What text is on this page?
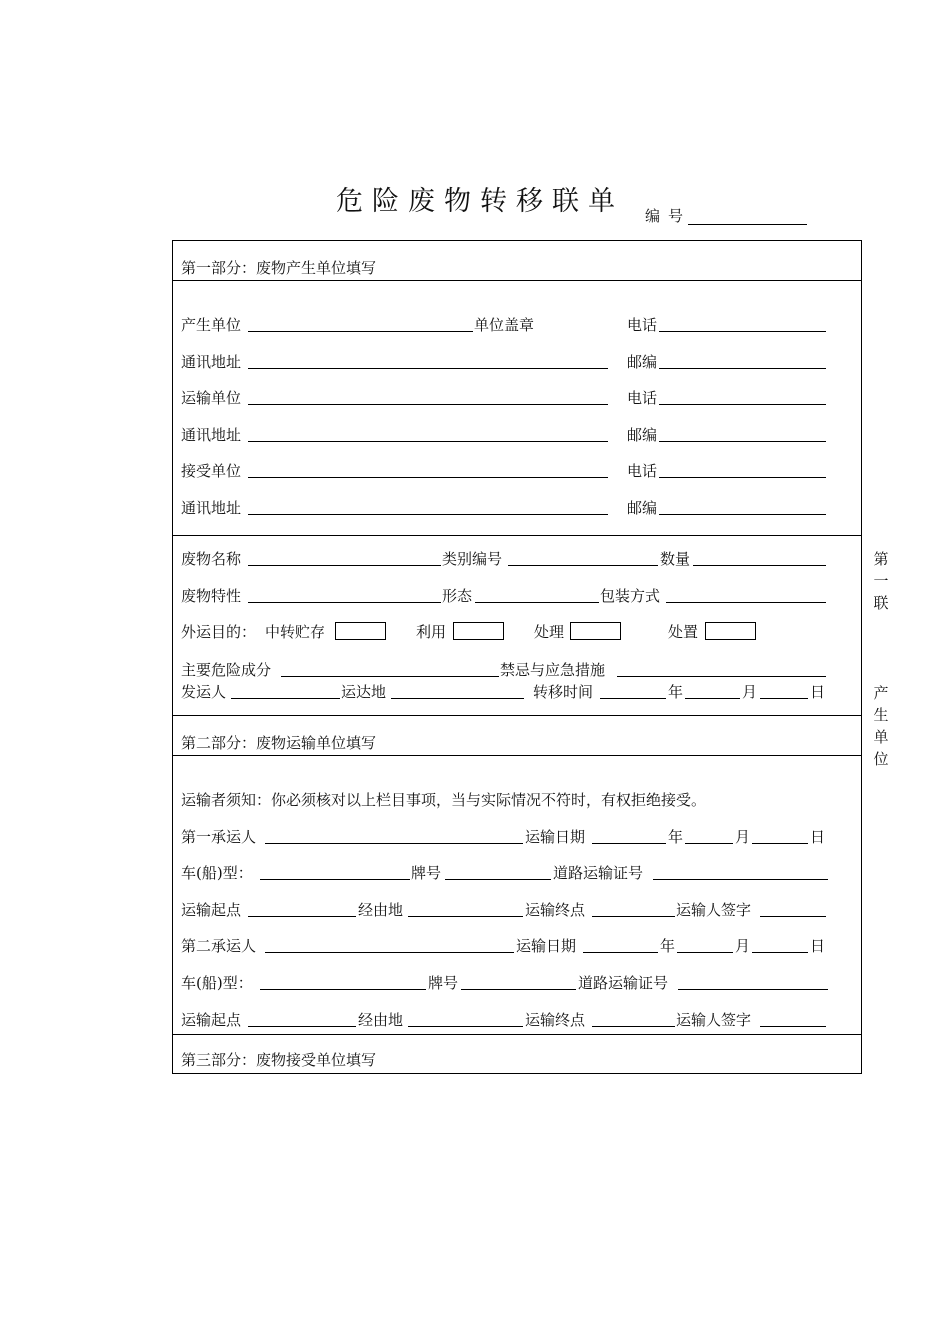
危险废物转移联单 编号
第一部分：废物产生单位填写
产生单位	单位盖章	电话
通讯地址	邮编
运输单位	电话
通讯地址	邮编
接受单位	电话
通讯地址	邮编
废物名称	类别编号	数量
废物特性	形态	包装方式
外运目的： 中转贮存	利用	处理	处置
主要危险成分	禁忌与应急措施
发运人	运达地	转移时间	年	月	日
第二部分：废物运输单位填写
运输者须知：你必须核对以上栏目事项，当与实际情况不符时，有权拒绝接受。
第一承运人	运输日期	年	月	日
车(船)型：	牌号	道路运输证号
运输起点	经由地	运输终点	运输人签字
第二承运人	运输日期	年	月	日
车(船)型：	牌号	道路运输证号
运输起点	经由地	运输终点	运输人签字
第三部分：废物接受单位填写
第
一
联
产
生
单
位
